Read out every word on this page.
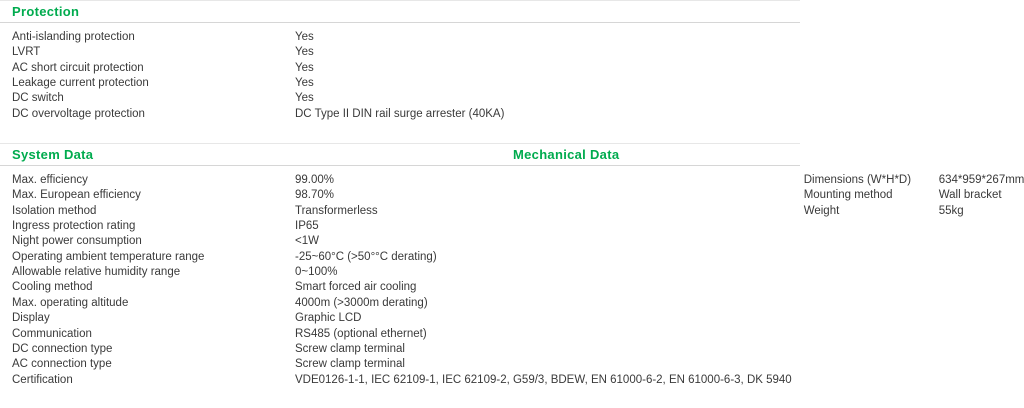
Protection
Anti-islanding protection	Yes
LVRT	Yes
AC short circuit protection	Yes
Leakage current protection	Yes
DC switch	Yes
DC overvoltage protection	DC Type II DIN rail surge arrester (40KA)
System Data	Mechanical Data
Max. efficiency	99.00%
Max. European efficiency	98.70%
Isolation method	Transformerless
Ingress protection rating	IP65
Night power consumption	<1W
Operating ambient temperature range	-25~60°C (>50°°C derating)
Allowable relative humidity range	0~100%
Cooling method	Smart forced air cooling
Max. operating altitude	4000m (>3000m derating)
Display	Graphic LCD
Communication	RS485 (optional ethernet)
DC connection type	Screw clamp terminal
AC connection type	Screw clamp terminal
Certification	VDE0126-1-1, IEC 62109-1, IEC 62109-2, G59/3, BDEW, EN 61000-6-2, EN 61000-6-3, DK 5940
Dimensions (W*H*D)	634*959*267mm
Mounting method	Wall bracket
Weight	55kg
